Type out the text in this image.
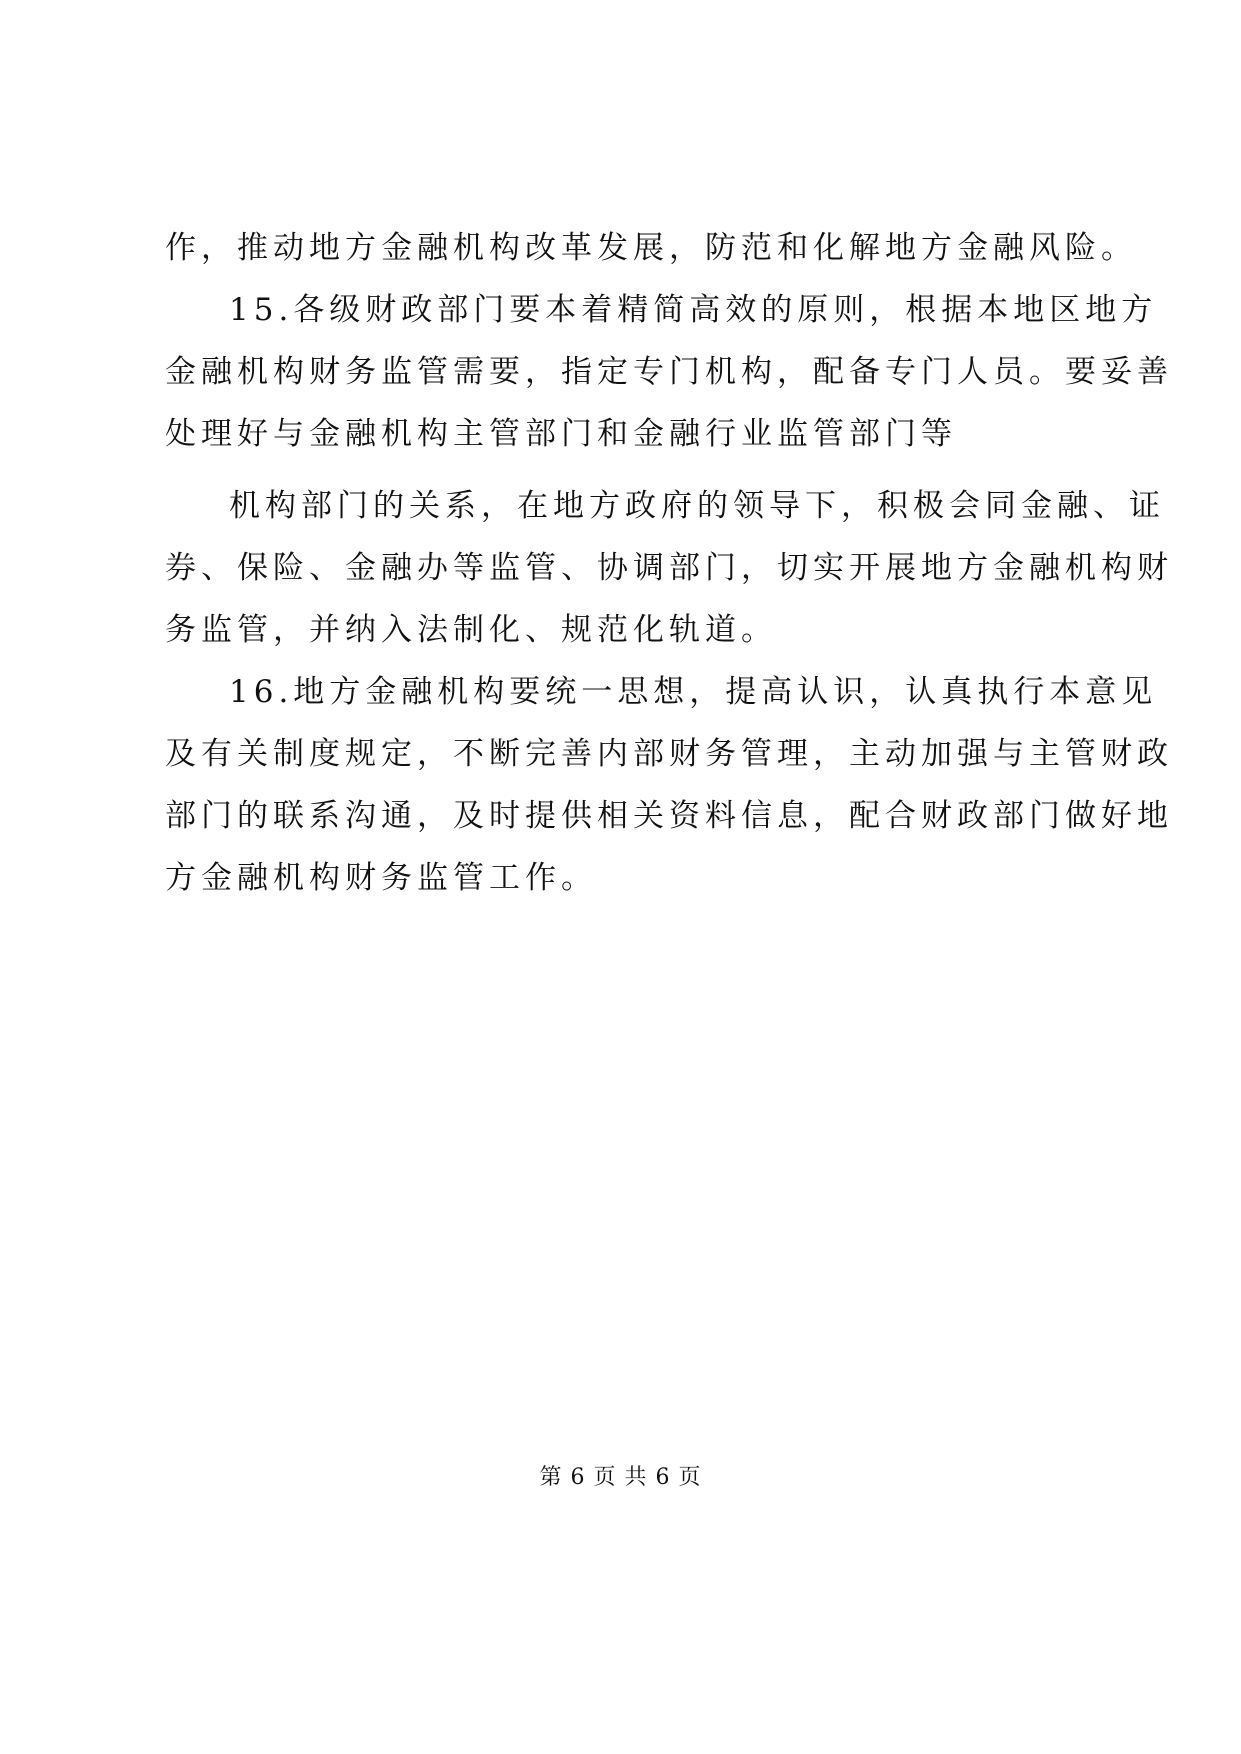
作，推动地方金融机构改革发展，防范和化解地方金融风险。
15.各级财政部门要本着精简高效的原则，根据本地区地方
金融机构财务监管需要，指定专门机构，配备专门人员。要妥善
处理好与金融机构主管部门和金融行业监管部门等
机构部门的关系，在地方政府的领导下，积极会同金融、证
券、保险、金融办等监管、协调部门，切实开展地方金融机构财
务监管，并纳入法制化、规范化轨道。
16.地方金融机构要统一思想，提高认识，认真执行本意见
及有关制度规定，不断完善内部财务管理，主动加强与主管财政
部门的联系沟通，及时提供相关资料信息，配合财政部门做好地
方金融机构财务监管工作。
第 6 页 共 6 页
